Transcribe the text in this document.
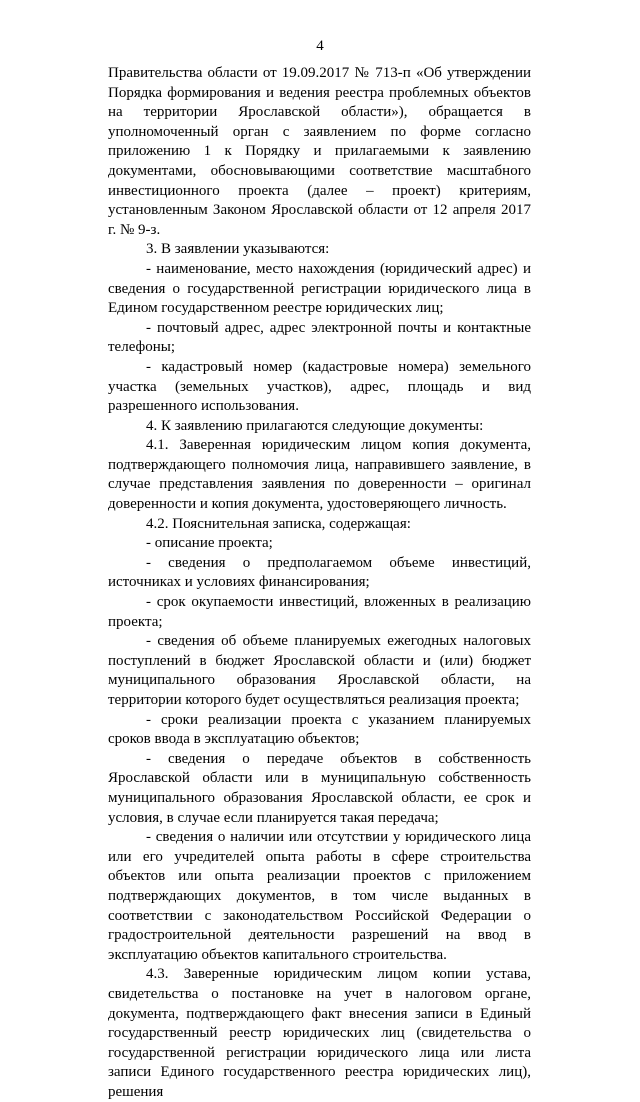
4

Правительства области от 19.09.2017 № 713-п «Об утверждении Порядка формирования и ведения реестра проблемных объектов на территории Ярославской области»), обращается в уполномоченный орган с заявлением по форме согласно приложению 1 к Порядку и прилагаемыми к заявлению документами, обосновывающими соответствие масштабного инвестиционного проекта (далее – проект) критериям, установленным Законом Ярославской области от 12 апреля 2017 г. № 9-з.

3. В заявлении указываются:

- наименование, место нахождения (юридический адрес) и сведения о государственной регистрации юридического лица в Едином государственном реестре юридических лиц;

- почтовый адрес, адрес электронной почты и контактные телефоны;

- кадастровый номер (кадастровые номера) земельного участка (земельных участков), адрес, площадь и вид разрешенного использования.

4. К заявлению прилагаются следующие документы:

4.1. Заверенная юридическим лицом копия документа, подтверждающего полномочия лица, направившего заявление, в случае представления заявления по доверенности – оригинал доверенности и копия документа, удостоверяющего личность.

4.2. Пояснительная записка, содержащая:

- описание проекта;

- сведения о предполагаемом объеме инвестиций, источниках и условиях финансирования;

- срок окупаемости инвестиций, вложенных в реализацию проекта;

- сведения об объеме планируемых ежегодных налоговых поступлений в бюджет Ярославской области и (или) бюджет муниципального образования Ярославской области, на территории которого будет осуществляться реализация проекта;

- сроки реализации проекта с указанием планируемых сроков ввода в эксплуатацию объектов;

- сведения о передаче объектов в собственность Ярославской области или в муниципальную собственность муниципального образования Ярославской области, ее срок и условия, в случае если планируется такая передача;

- сведения о наличии или отсутствии у юридического лица или его учредителей опыта работы в сфере строительства объектов или опыта реализации проектов с приложением подтверждающих документов, в том числе выданных в соответствии с законодательством Российской Федерации о градостроительной деятельности разрешений на ввод в эксплуатацию объектов капитального строительства.

4.3. Заверенные юридическим лицом копии устава, свидетельства о постановке на учет в налоговом органе, документа, подтверждающего факт внесения записи в Единый государственный реестр юридических лиц (свидетельства о государственной регистрации юридического лица или листа записи Единого государственного реестра юридических лиц), решения
